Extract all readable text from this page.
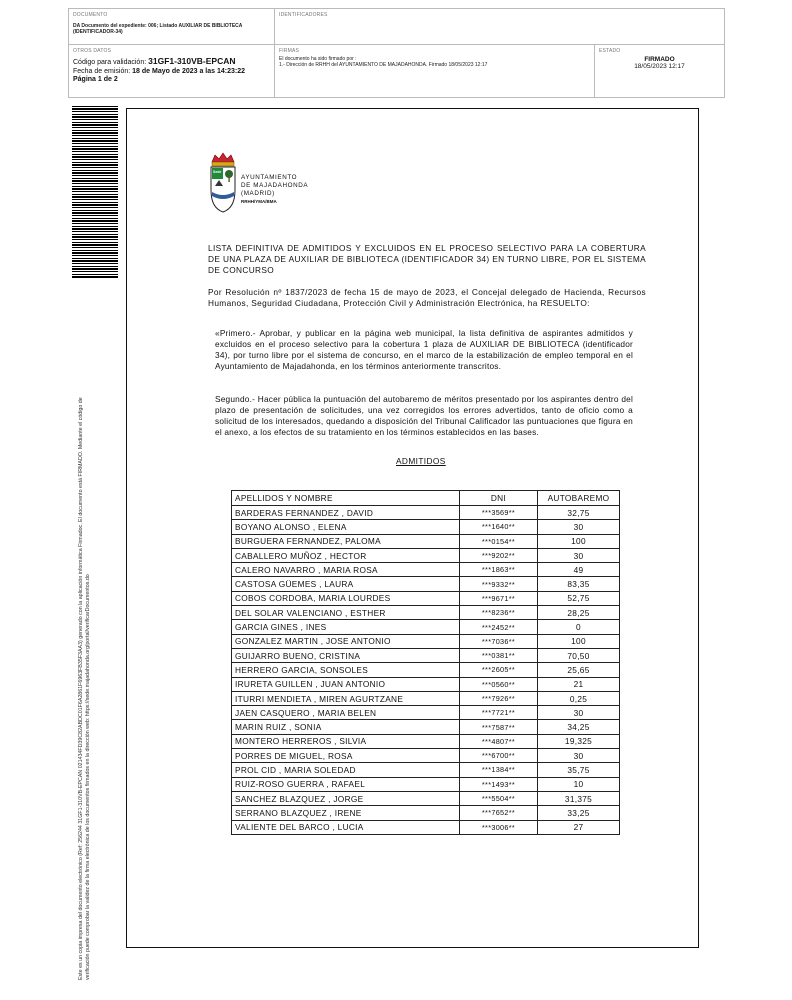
DOCUMENTO
DA Documento del expediente: 006; Listado AUXILIAR DE BIBLIOTECA (IDENTIFICADOR-34)
IDENTIFICADORES
OTROS DATOS
Código para validación: 31GF1-310VB-EPCAN
Fecha de emisión: 18 de Mayo de 2023 a las 14:23:22
Página 1 de 2
FIRMAS
El documento ha sido firmado por :
1.- Dirección de RRHH del AYUNTAMIENTO DE MAJADAHONDA. Firmado 18/05/2023 12:17
ESTADO
FIRMADO
18/05/2023 12:17
Este es un copia impresa del documento electrónico (Ref: 256244 31GF1-310VB-EPCAN 021434FD39C82ABDC01F6A2861F6963FB35F3AA3) generado con la aplicación informática Firmadoc. El documento está FIRMADO. Mediante el código de verificación puede comprobar la validez de la firma electrónica de los documentos firmados en la dirección web: https://sede.majadahonda.org/portal/verificarDocumentos.do
Sede
AYUNTAMIENTO
DE MAJADAHONDA
(MADRID)
RRHH/YMA/BMA
LISTA DEFINITIVA DE ADMITIDOS Y EXCLUIDOS EN EL PROCESO SELECTIVO PARA LA COBERTURA DE UNA PLAZA DE AUXILIAR DE BIBLIOTECA (IDENTIFICADOR 34) EN TURNO LIBRE, POR EL SISTEMA DE CONCURSO
Por Resolución nº 1837/2023 de fecha 15 de mayo de 2023, el Concejal delegado de Hacienda, Recursos Humanos, Seguridad Ciudadana, Protección Civil y Administración Electrónica, ha RESUELTO:
«Primero.- Aprobar, y publicar en la página web municipal, la lista definitiva de aspirantes admitidos y excluidos en el proceso selectivo para la cobertura 1 plaza de AUXILIAR DE BIBLIOTECA (identificador 34), por turno libre por el sistema de concurso, en el marco de la estabilización de empleo temporal en el Ayuntamiento de Majadahonda, en los términos anteriormente transcritos.
Segundo.- Hacer pública la puntuación del autobaremo de méritos presentado por los aspirantes dentro del plazo de presentación de solicitudes, una vez corregidos los errores advertidos, tanto de oficio como a solicitud de los interesados, quedando a disposición del Tribunal Calificador las puntuaciones que figura en el anexo, a los efectos de su tratamiento en los términos establecidos en las bases.
ADMITIDOS
APELLIDOS Y NOMBRE	DNI	AUTOBAREMO
BARDERAS FERNANDEZ , DAVID	***3569**	32,75
BOYANO ALONSO , ELENA	***1640**	30
BURGUERA FERNANDEZ, PALOMA	***0154**	100
CABALLERO MUÑOZ , HECTOR	***9202**	30
CALERO NAVARRO , MARIA ROSA	***1863**	49
CASTOSA GÜEMES , LAURA	***9332**	83,35
COBOS CORDOBA, MARIA LOURDES	***9671**	52,75
DEL SOLAR VALENCIANO , ESTHER	***8236**	28,25
GARCIA GINES , INES	***2452**	0
GONZALEZ MARTIN , JOSE ANTONIO	***7036**	100
GUIJARRO BUENO, CRISTINA	***0381**	70,50
HERRERO GARCIA, SONSOLES	***2605**	25,65
IRURETA GUILLEN , JUAN ANTONIO	***0560**	21
ITURRI MENDIETA , MIREN AGURTZANE	***7926**	0,25
JAEN CASQUERO , MARIA BELEN	***7721**	30
MARIN RUIZ , SONIA	***7587**	34,25
MONTERO HERREROS , SILVIA	***4807**	19,325
PORRES DE MIGUEL, ROSA	***6700**	30
PROL CID , MARIA SOLEDAD	***1384**	35,75
RUIZ-ROSO GUERRA , RAFAEL	***1493**	10
SANCHEZ BLAZQUEZ , JORGE	***5504**	31,375
SERRANO BLAZQUEZ , IRENE	***7652**	33,25
VALIENTE DEL BARCO , LUCIA	***3006**	27
